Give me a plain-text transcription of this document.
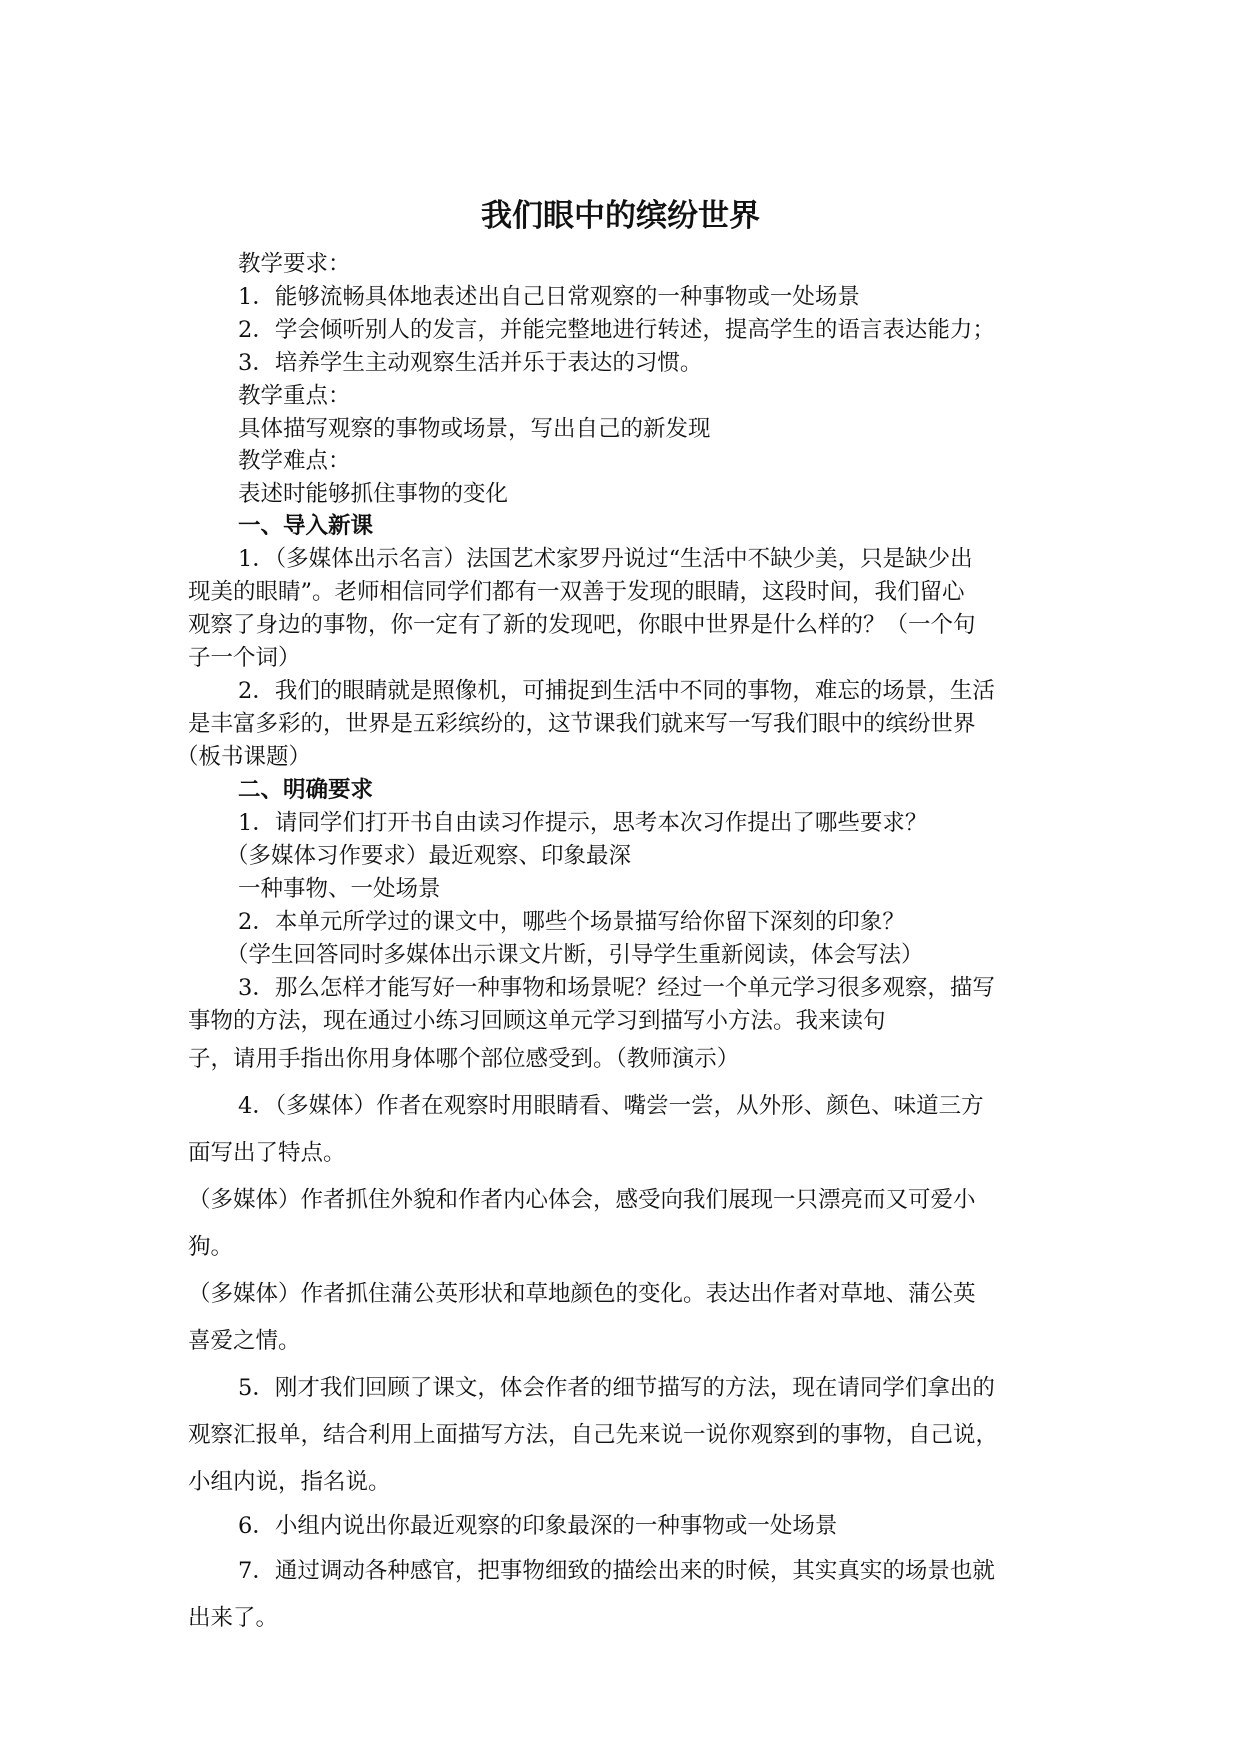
我们眼中的缤纷世界
教学要求：
1．能够流畅具体地表述出自己日常观察的一种事物或一处场景
2．学会倾听别人的发言，并能完整地进行转述，提高学生的语言表达能力；
3．培养学生主动观察生活并乐于表达的习惯。
教学重点：
具体描写观察的事物或场景，写出自己的新发现
教学难点：
表述时能够抓住事物的变化
一、导入新课
1．（多媒体出示名言）法国艺术家罗丹说过“生活中不缺少美，只是缺少出
现美的眼睛”。老师相信同学们都有一双善于发现的眼睛，这段时间，我们留心
观察了身边的事物，你一定有了新的发现吧，你眼中世界是什么样的？（一个句
子一个词）
2．我们的眼睛就是照像机，可捕捉到生活中不同的事物，难忘的场景，生活
是丰富多彩的，世界是五彩缤纷的，这节课我们就来写一写我们眼中的缤纷世界
（板书课题）
二、明确要求
1．请同学们打开书自由读习作提示，思考本次习作提出了哪些要求？
（多媒体习作要求）最近观察、印象最深
一种事物、一处场景
2．本单元所学过的课文中，哪些个场景描写给你留下深刻的印象？
（学生回答同时多媒体出示课文片断，引导学生重新阅读，体会写法）
3．那么怎样才能写好一种事物和场景呢？经过一个单元学习很多观察，描写
事物的方法，现在通过小练习回顾这单元学习到描写小方法。我来读句
子，请用手指出你用身体哪个部位感受到。（教师演示）
4．（多媒体）作者在观察时用眼睛看、嘴尝一尝，从外形、颜色、味道三方
面写出了特点。
（多媒体）作者抓住外貌和作者内心体会，感受向我们展现一只漂亮而又可爱小
狗。
（多媒体）作者抓住蒲公英形状和草地颜色的变化。表达出作者对草地、蒲公英
喜爱之情。
5．刚才我们回顾了课文，体会作者的细节描写的方法，现在请同学们拿出的
观察汇报单，结合利用上面描写方法，自己先来说一说你观察到的事物，自己说，
小组内说，指名说。
6．小组内说出你最近观察的印象最深的一种事物或一处场景
7．通过调动各种感官，把事物细致的描绘出来的时候，其实真实的场景也就
出来了。
